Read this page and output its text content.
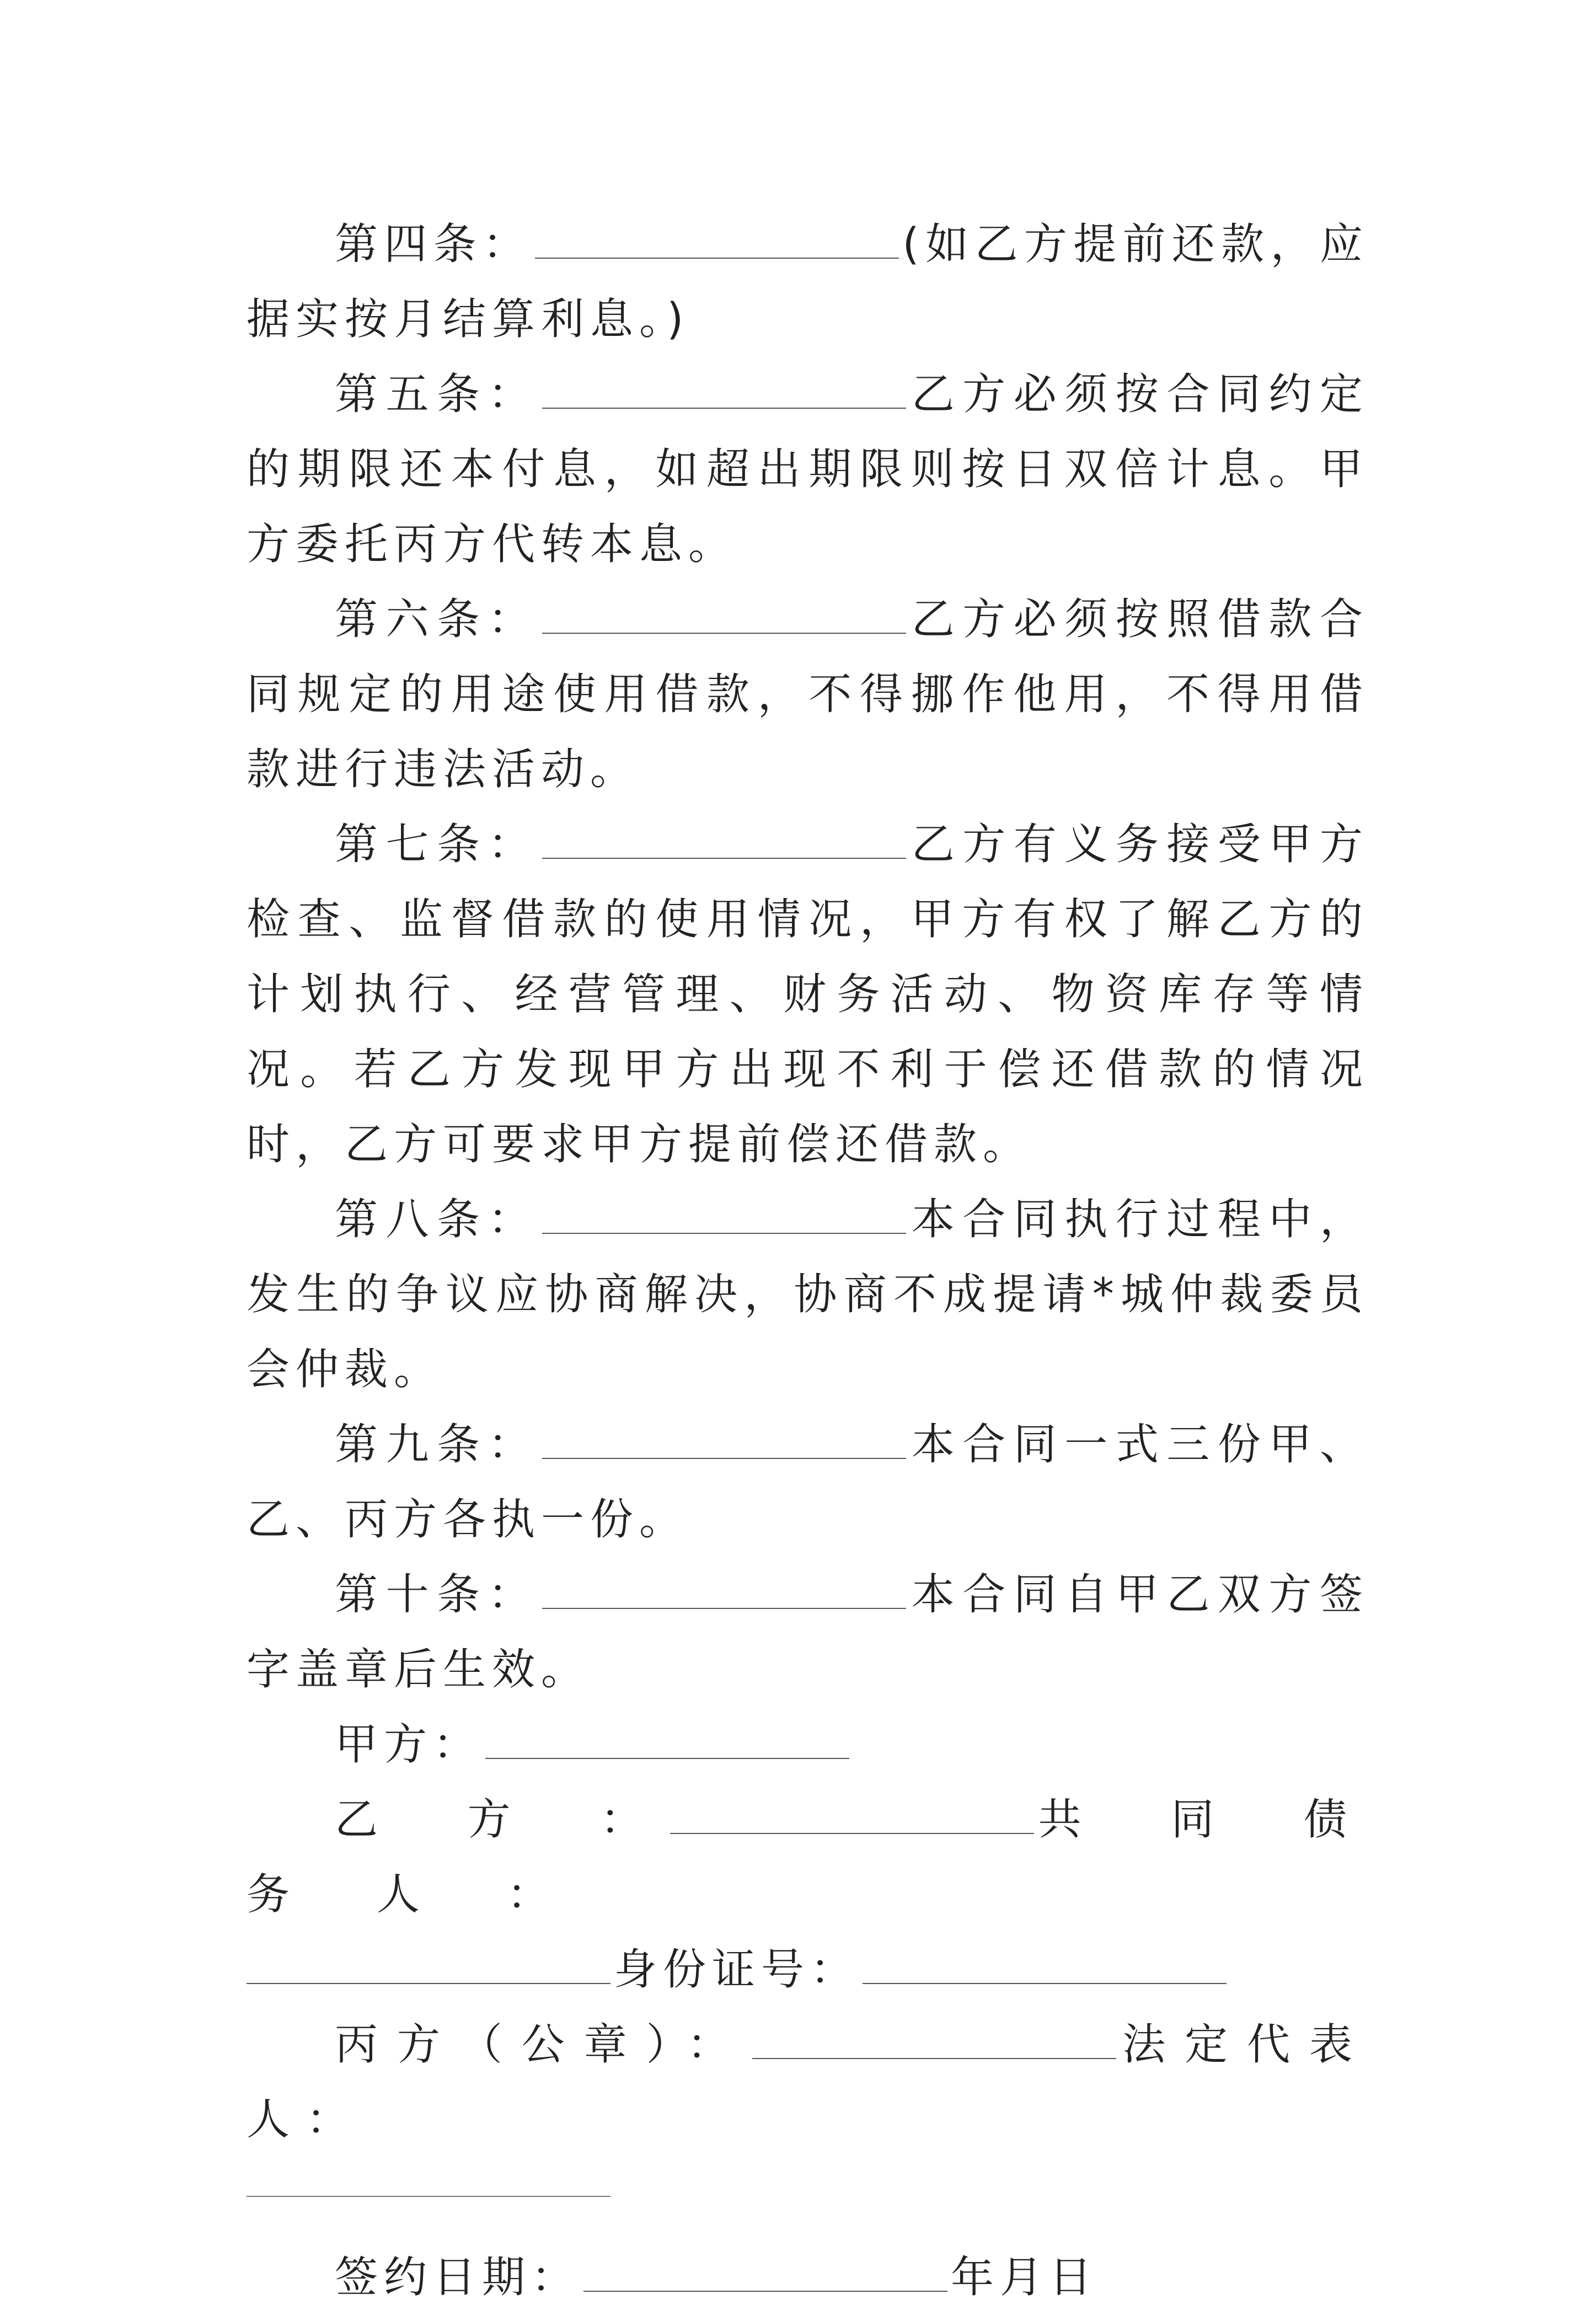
第四条：	(如乙方提前还款，应据实按月结算利息。)

第五条：	乙方必须按合同约定的期限还本付息，如超出期限则按日双倍计息。甲方委托丙方代转本息。

第六条：	乙方必须按照借款合同规定的用途使用借款，不得挪作他用，不得用借款进行违法活动。

第七条：	乙方有义务接受甲方检查、监督借款的使用情况，甲方有权了解乙方的计划执行、经营管理、财务活动、物资库存等情况。若乙方发现甲方出现不利于偿还借款的情况时，乙方可要求甲方提前偿还借款。

第八条：	本合同执行过程中，发生的争议应协商解决，协商不成提请*城仲裁委员会仲裁。

第九条：	本合同一式三份甲、乙、丙方各执一份。

第十条：	本合同自甲乙双方签字盖章后生效。

甲方：

乙　方　：	共　同　债　务　人　：

身份证号：

丙方（公章）：	法定代表人：

签约日期：	年月日
